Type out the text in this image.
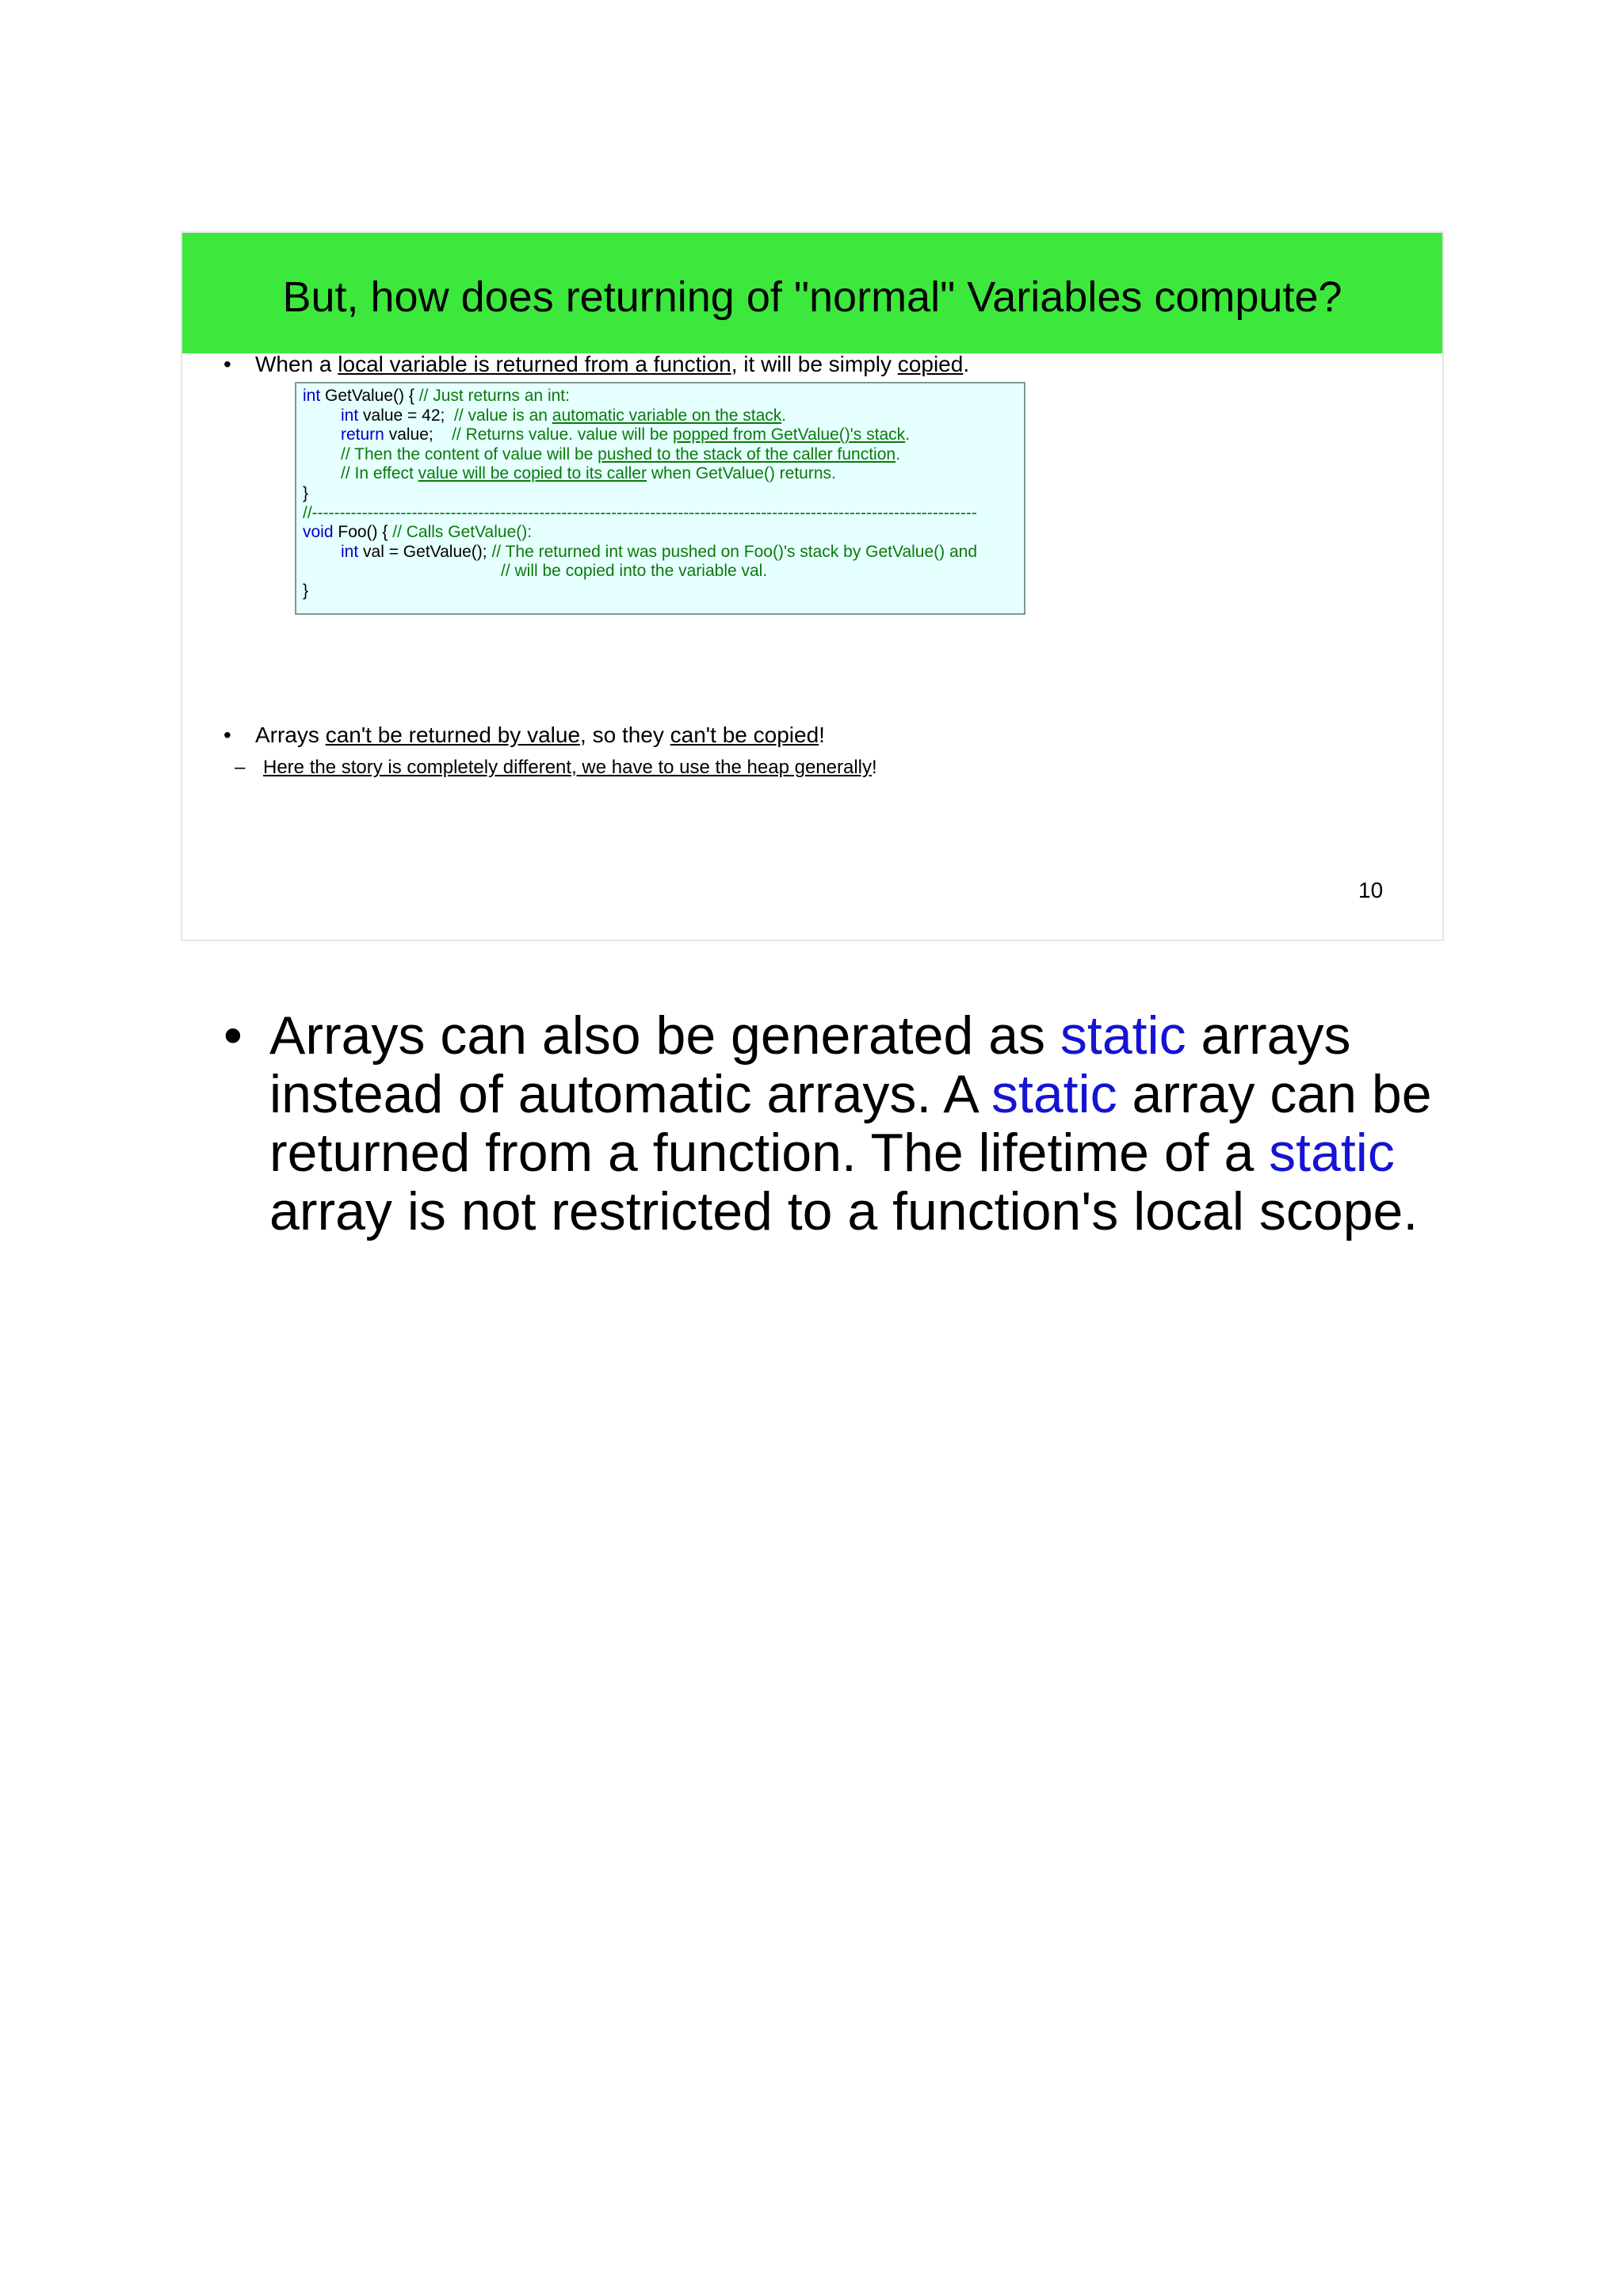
But, how does returning of "normal" Variables compute?
• When a local variable is returned from a function, it will be simply copied.
int GetValue() { // Just returns an int:
int value = 42;  // value is an automatic variable on the stack.
return value;    // Returns value. value will be popped from GetValue()'s stack.
// Then the content of value will be pushed to the stack of the caller function.
// In effect value will be copied to its caller when GetValue() returns.
}
//------------------------------------------------------------------------------------------------------------------------
void Foo() { // Calls GetValue():
int val = GetValue(); // The returned int was pushed on Foo()'s stack by GetValue() and
// will be copied into the variable val.
}
• Arrays can't be returned by value, so they can't be copied!
– Here the story is completely different, we have to use the heap generally!
10
• Arrays can also be generated as static arrays instead of automatic arrays. A static array can be returned from a function. The lifetime of a static array is not restricted to a function's local scope.
